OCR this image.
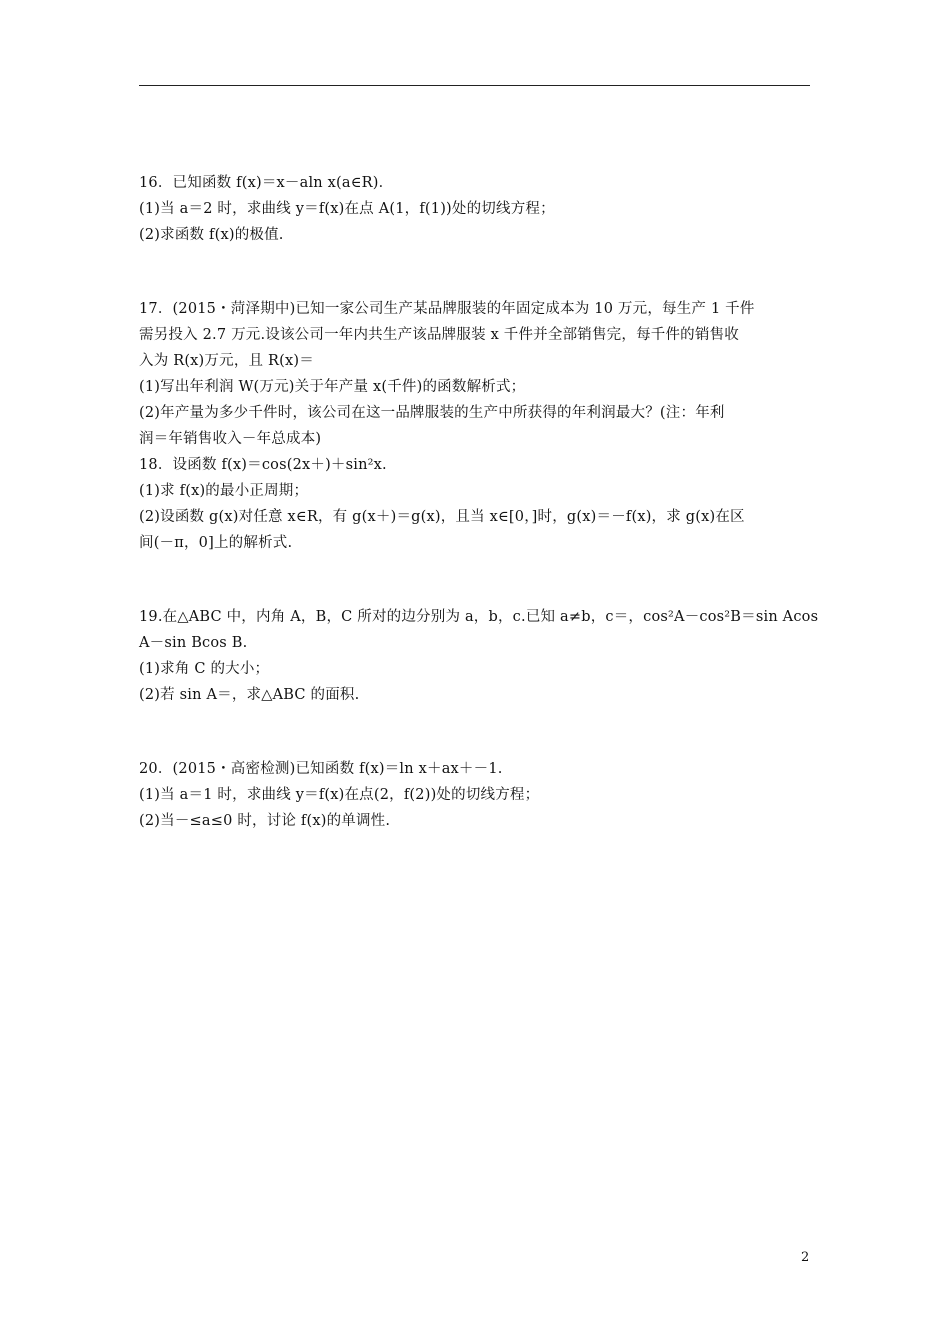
16．已知函数 f(x)＝x－aln x(a∈R)．
(1)当 a＝2 时，求曲线 y＝f(x)在点 A(1，f(1))处的切线方程；
(2)求函数 f(x)的极值.
17．(2015・菏泽期中)已知一家公司生产某品牌服装的年固定成本为 10 万元，每生产 1 千件
需另投入 2.7 万元.设该公司一年内共生产该品牌服装 x 千件并全部销售完，每千件的销售收
入为 R(x)万元，且 R(x)＝
(1)写出年利润 W(万元)关于年产量 x(千件)的函数解析式；
(2)年产量为多少千件时，该公司在这一品牌服装的生产中所获得的年利润最大？(注：年利
润＝年销售收入－年总成本)
18．设函数 f(x)＝cos(2x＋)＋sin²x.
(1)求 f(x)的最小正周期；
(2)设函数 g(x)对任意 x∈R，有 g(x＋)＝g(x)，且当 x∈[0，]时，g(x)＝－f(x)，求 g(x)在区
间(－π，0]上的解析式.
19.在△ABC 中，内角 A，B，C 所对的边分别为 a，b，c.已知 a≠b，c＝，cos²A－cos²B＝sin Acos
A－sin Bcos B.
(1)求角 C 的大小；
(2)若 sin A＝，求△ABC 的面积.
20．(2015・高密检测)已知函数 f(x)＝ln x＋ax＋－1.
(1)当 a＝1 时，求曲线 y＝f(x)在点(2，f(2))处的切线方程；
(2)当－≤a≤0 时，讨论 f(x)的单调性.
2
